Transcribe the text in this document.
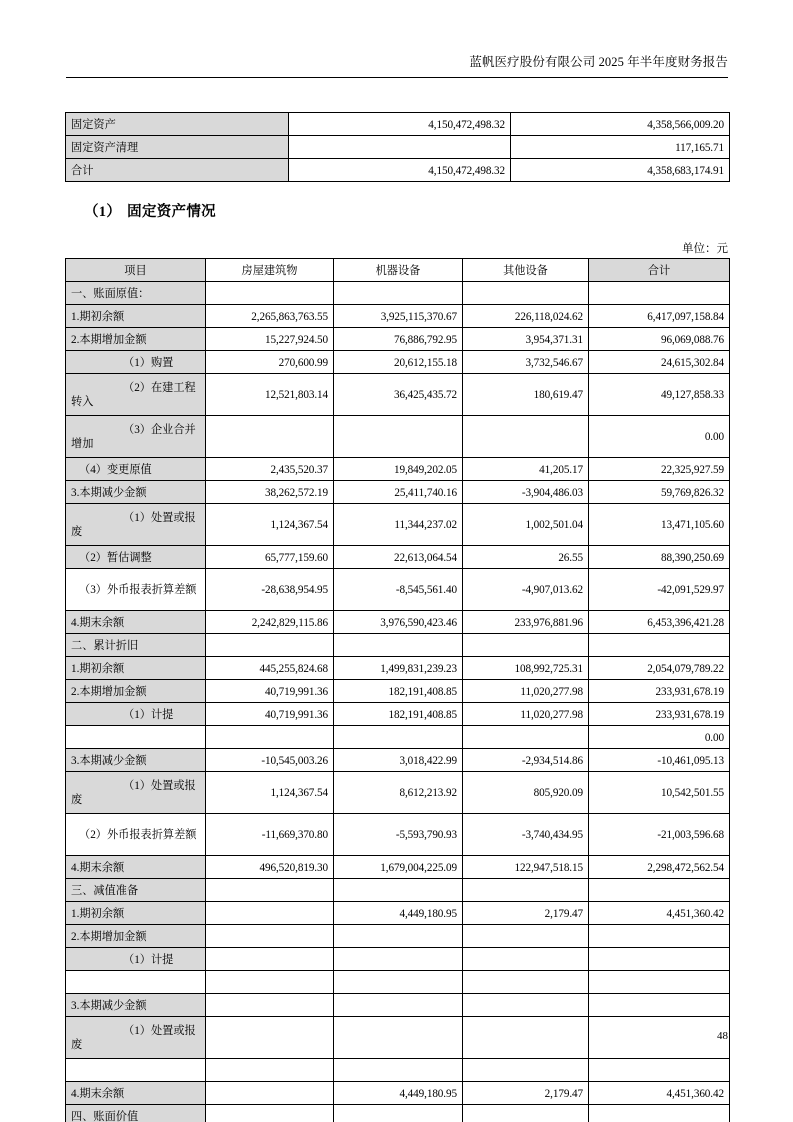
蓝帆医疗股份有限公司 2025 年半年度财务报告
固定资产	4,150,472,498.32	4,358,566,009.20
固定资产清理		117,165.71
合计	4,150,472,498.32	4,358,683,174.91
（1） 固定资产情况
单位：元
项目	房屋建筑物	机器设备	其他设备	合计
一、账面原值：				
1.期初余额	2,265,863,763.55	3,925,115,370.67	226,118,024.62	6,417,097,158.84
2.本期增加金额	15,227,924.50	76,886,792.95	3,954,371.31	96,069,088.76
（1）购置	270,600.99	20,612,155.18	3,732,546.67	24,615,302.84
（2）在建工程转入	12,521,803.14	36,425,435.72	180,619.47	49,127,858.33
（3）企业合并增加				0.00
（4）变更原值	2,435,520.37	19,849,202.05	41,205.17	22,325,927.59
3.本期减少金额	38,262,572.19	25,411,740.16	-3,904,486.03	59,769,826.32
（1）处置或报废	1,124,367.54	11,344,237.02	1,002,501.04	13,471,105.60
（2）暂估调整	65,777,159.60	22,613,064.54	26.55	88,390,250.69
（3）外币报表折算差额	-28,638,954.95	-8,545,561.40	-4,907,013.62	-42,091,529.97
4.期末余额	2,242,829,115.86	3,976,590,423.46	233,976,881.96	6,453,396,421.28
二、累计折旧				
1.期初余额	445,255,824.68	1,499,831,239.23	108,992,725.31	2,054,079,789.22
2.本期增加金额	40,719,991.36	182,191,408.85	11,020,277.98	233,931,678.19
（1）计提	40,719,991.36	182,191,408.85	11,020,277.98	233,931,678.19
				0.00
3.本期减少金额	-10,545,003.26	3,018,422.99	-2,934,514.86	-10,461,095.13
（1）处置或报废	1,124,367.54	8,612,213.92	805,920.09	10,542,501.55
（2）外币报表折算差额	-11,669,370.80	-5,593,790.93	-3,740,434.95	-21,003,596.68
4.期末余额	496,520,819.30	1,679,004,225.09	122,947,518.15	2,298,472,562.54
三、减值准备				
1.期初余额		4,449,180.95	2,179.47	4,451,360.42
2.本期增加金额				
（1）计提				

3.本期减少金额				
（1）处置或报废				

4.期末余额		4,449,180.95	2,179.47	4,451,360.42
四、账面价值				
48
